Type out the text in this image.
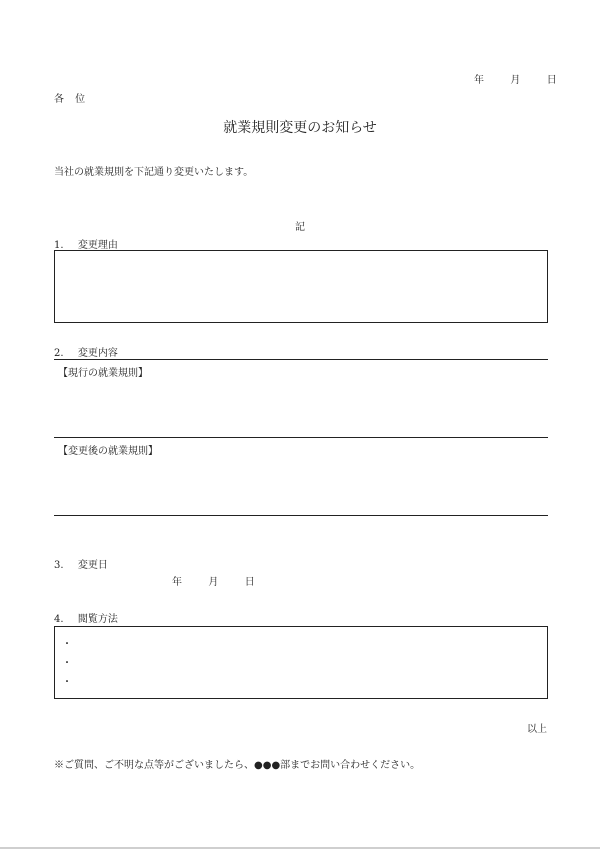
年	月	日
各 位
就業規則変更のお知らせ
当社の就業規則を下記通り変更いたします。
記
1. 変更理由
2. 変更内容
【現行の就業規則】
【変更後の就業規則】
3. 変更日
年	月	日
4. 閲覧方法
・
・
・
以上
※ご質問、ご不明な点等がございましたら、●●●部までお問い合わせください。
